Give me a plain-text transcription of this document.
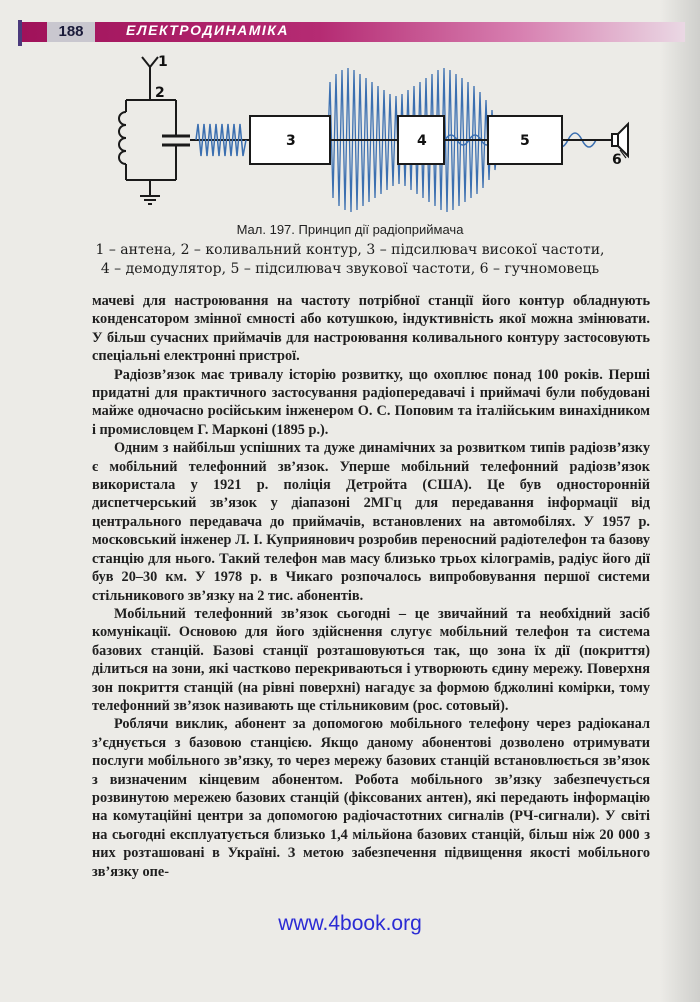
188	ЕЛЕКТРОДИНАМІКА
1
2
3	4	5
6
Мал. 197. Принцип дії радіоприймача
1 – антена, 2 – коливальний контур, 3 – підсилювач високої частоти,
4 – демодулятор, 5 – підсилювач звукової частоти, 6 – гучномовець

мачеві для настроювання на частоту потрібної станції його контур обладнують конденсатором змінної ємності або котушкою, індуктивність якої можна змінювати. У більш сучасних приймачів для настроювання коливального контуру застосовують спеціальні електронні пристрої.

Радіозв’язок має тривалу історію розвитку, що охоплює понад 100 років. Перші придатні для практичного застосування радіопередавачі і приймачі були побудовані майже одночасно російським інженером О. С. Поповим та італійським винахідником і промисловцем Г. Марконі (1895 р.).

Одним з найбільш успішних та дуже динамічних за розвитком типів радіозв’язку є мобільний телефонний зв’язок. Уперше мобільний телефонний радіозв’язок використала у 1921 р. поліція Детройта (США). Це був односторонній диспетчерський зв’язок у діапазоні 2МГц для передавання інформації від центрального передавача до приймачів, встановлених на автомобілях. У 1957 р. московський інженер Л. І. Куприянович розробив переносний радіотелефон та базову станцію для нього. Такий телефон мав масу близько трьох кілограмів, радіус його дії був 20–30 км. У 1978 р. в Чикаго розпочалось випробовування першої системи стільникового зв’язку на 2 тис. абонентів.

Мобільний телефонний зв’язок сьогодні – це звичайний та необхідний засіб комунікації. Основою для його здійснення слугує мобільний телефон та система базових станцій. Базові станції розташовуються так, що зона їх дії (покриття) ділиться на зони, які частково перекриваються і утворюють єдину мережу. Поверхня зон покриття станцій (на рівні поверхні) нагадує за формою бджолині комірки, тому телефонний зв’язок називають ще стільниковим (рос. сотовый).

Роблячи виклик, абонент за допомогою мобільного телефону через радіоканал з’єднується з базовою станцією. Якщо даному абонентові дозволено отримувати послуги мобільного зв’язку, то через мережу базових станцій встановлюється зв’язок з визначеним кінцевим абонентом. Робота мобільного зв’язку забезпечується розвинутою мережею базових станцій (фіксованих антен), які передають інформацію на комутаційні центри за допомогою радіочастотних сигналів (РЧ-сигнали). У світі на сьогодні експлуатується близько 1,4 мільйона базових станцій, більш ніж 20 000 з них розташовані в Україні. З метою забезпечення підвищення якості мобільного зв’язку опе-

www.4book.org
